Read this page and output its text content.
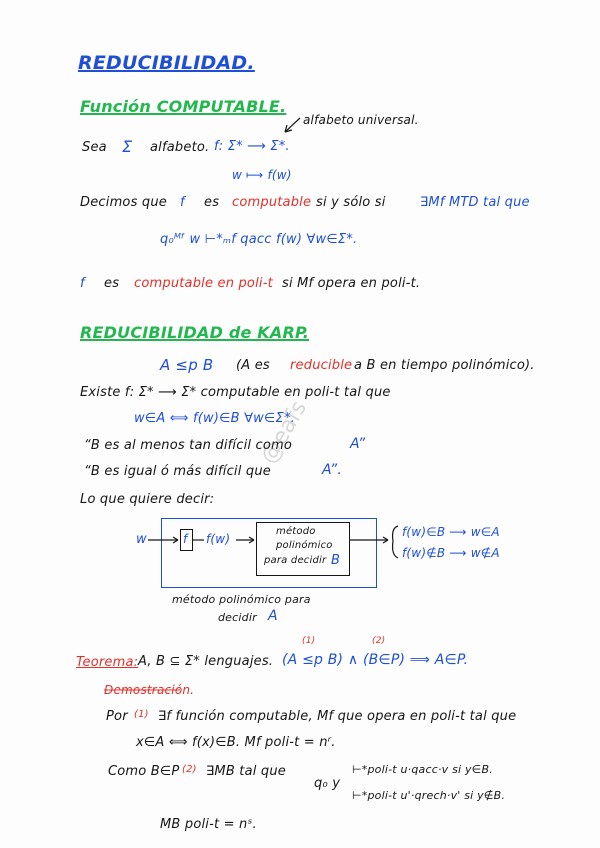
REDUCIBILIDAD.
Función COMPUTABLE.
alfabeto universal.
Sea Σ alfabeto. f: Σ* ⟶ Σ*.
w ⟼ f(w)
Decimos que f es computable si y sólo si	∃Mf MTD tal que
q₀ᴹᶠ w ⊢*ₘf qacc f(w) ∀w∈Σ*.
f es computable en poli-t si Mf opera en poli-t.
REDUCIBILIDAD de KARP.
A ≤p B (A es reducible a B en tiempo polinómico).
Existe f: Σ* ⟶ Σ* computable en poli-t tal que
w∈A ⟺ f(w)∈B ∀w∈Σ*.
“B es al menos tan difícil como	A”
“B es igual ó más difícil que	A”.
Lo que quiere decir:
@eafs
w	f f(w)
método
polinómico
para decidir B
f(w)∈B ⟶ w∈A
f(w)∉B ⟶ w∉A
método polinómico para
decidir A
Teorema: A, B ⊆ Σ* lenguajes. (A ≤p B) ∧ (B∈P) ⟹ A∈P.
(1)	(2)
Demostración.
Por (1) ∃f función computable, Mf que opera en poli-t tal que
x∈A ⟺ f(x)∈B. Mf poli-t = nʳ.
Como B∈P (2) ∃MB tal que
q₀ y
⊢*poli-t u·qacc·v si y∈B.
⊢*poli-t u'·qrech·v' si y∉B.
MB poli-t = nˢ.
